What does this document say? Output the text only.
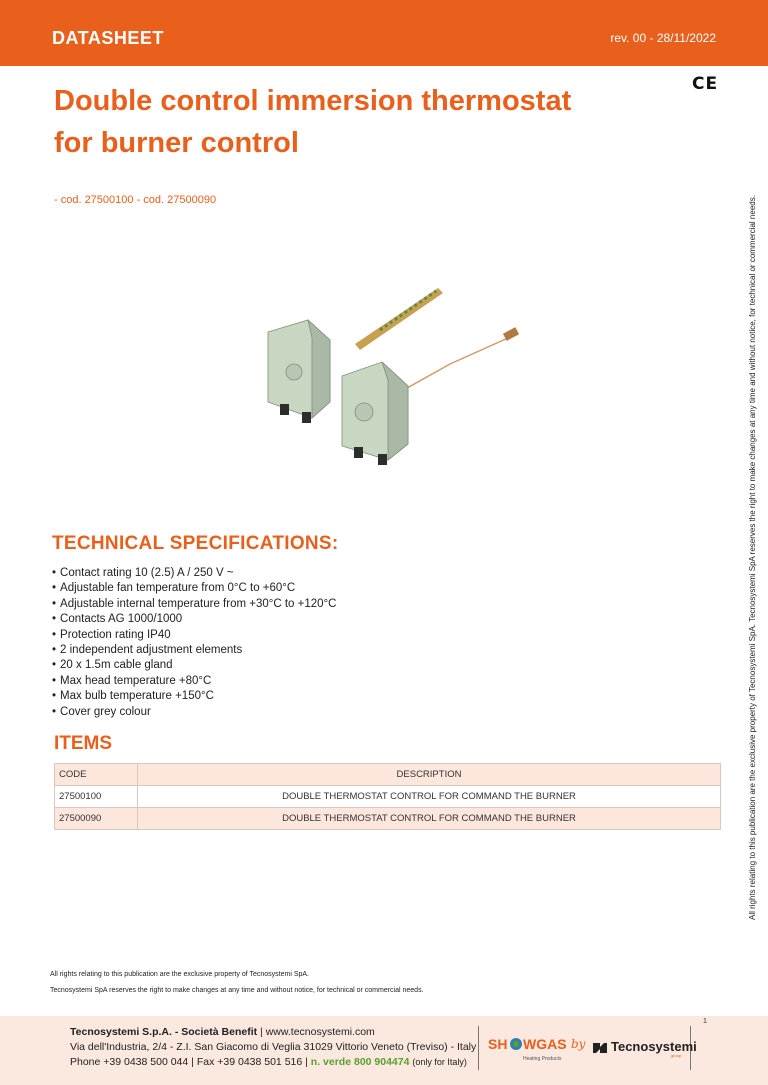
DATASHEET	rev. 00 - 28/11/2022
CE
Double control immersion thermostat
for burner control
- cod. 27500100 - cod. 27500090	All rights relating to this publication are the exclusive property of Tecnosystemi SpA. Tecnosystemi SpA reserves the right to make changes at any time and without notice, for technical or commercial needs.
TECHNICAL SPECIFICATIONS:
• Contact rating 10 (2.5) A / 250 V ~
• Adjustable fan temperature from 0°C to +60°C
• Adjustable internal temperature from +30°C to +120°C
• Contacts AG 1000/1000
• Protection rating IP40
• 2 independent adjustment elements
• 20 x 1.5m cable gland
• Max head temperature +80°C
• Max bulb temperature +150°C
• Cover grey colour
ITEMS
CODE	DESCRIPTION
27500100	DOUBLE THERMOSTAT CONTROL FOR COMMAND THE BURNER
27500090	DOUBLE THERMOSTAT CONTROL FOR COMMAND THE BURNER
All rights relating to this publication are the exclusive property of Tecnosystemi SpA.
Tecnosystemi SpA reserves the right to make changes at any time and without notice, for technical or commercial needs.
1
Tecnosystemi S.p.A. - Società Benefit | www.tecnosystemi.com
Via dell'Industria, 2/4 - Z.I. San Giacomo di Veglia 31029 Vittorio Veneto (Treviso) - Italy
Phone +39 0438 500 044 | Fax +39 0438 501 516 | n. verde 800 904474 (only for Italy)
SH WGAS
Heating Products
by Tecnosystemi
group
